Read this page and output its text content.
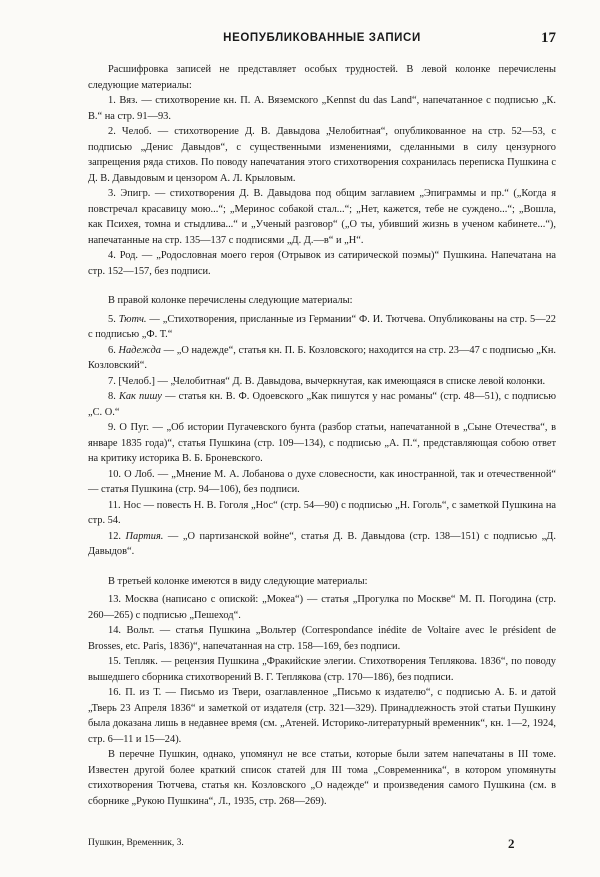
НЕОПУБЛИКОВАННЫЕ ЗАПИСИ	17

Расшифровка записей не представляет особых трудностей. В левой колонке перечислены следующие материалы:

1. Вяз. — стихотворение кн. П. А. Вяземского „Kennst du das Land“, напечатанное с подписью „К. В.“ на стр. 91—93.

2. Челоб. — стихотворение Д. В. Давыдова „Челобитная“, опубликованное на стр. 52—53, с подписью „Денис Давыдов“, с существенными изменениями, сделанными в силу цензурного запрещения ряда стихов. По поводу напечатания этого стихотворения сохранилась переписка Пушкина с Д. В. Давыдовым и цензором А. Л. Крыловым.

3. Эпигр. — стихотворения Д. В. Давыдова под общим заглавием „Эпиграммы и пр.“ („Когда я повстречал красавицу мою...“; „Меринос собакой стал...“; „Нет, кажется, тебе не суждено...“; „Вошла, как Психея, томна и стыдлива...“ и „Ученый разговор“ („О ты, убивший жизнь в ученом кабинете...“), напечатанные на стр. 135—137 с подписями „Д. Д.—в“ и „Н“.

4. Род. — „Родословная моего героя (Отрывок из сатирической поэмы)“ Пушкина. Напечатана на стр. 152—157, без подписи.

В правой колонке перечислены следующие материалы:

5. Тютч. — „Стихотворения, присланные из Германии“ Ф. И. Тютчева. Опубликованы на стр. 5—22 с подписью „Ф. Т.“

6. Надежда — „О надежде“, статья кн. П. Б. Козловского; находится на стр. 23—47 с подписью „Кн. Козловский“.

7. [Челоб.] — „Челобитная“ Д. В. Давыдова, вычеркнутая, как имеющаяся в списке левой колонки.

8. Как пишу — статья кн. В. Ф. Одоевского „Как пишутся у нас романы“ (стр. 48—51), с подписью „С. О.“

9. О Пуг. — „Об истории Пугачевского бунта (разбор статьи, напечатанной в „Сыне Отечества“, в январе 1835 года)“, статья Пушкина (стр. 109—134), с подписью „А. П.“, представляющая собою ответ на критику историка В. Б. Броневского.

10. О Лоб. — „Мнение М. А. Лобанова о духе словесности, как иностранной, так и отечественной“ — статья Пушкина (стр. 94—106), без подписи.

11. Нос — повесть Н. В. Гоголя „Нос“ (стр. 54—90) с подписью „Н. Гоголь“, с заметкой Пушкина на стр. 54.

12. Партия. — „О партизанской войне“, статья Д. В. Давыдова (стр. 138—151) с подписью „Д. Давыдов“.

В третьей колонке имеются в виду следующие материалы:

13. Москва (написано с опиской: „Мокеа“) — статья „Прогулка по Москве“ М. П. Погодина (стр. 260—265) с подписью „Пешеход“.

14. Вольт. — статья Пушкина „Вольтер (Correspondance inédite de Voltaire avec le président de Brosses, etc. Paris, 1836)“, напечатанная на стр. 158—169, без подписи.

15. Тепляк. — рецензия Пушкина „Фракийские элегии. Стихотворения Теплякова. 1836“, по поводу вышедшего сборника стихотворений В. Г. Теплякова (стр. 170—186), без подписи.

16. П. из Т. — Письмо из Твери, озаглавленное „Письмо к издателю“, с подписью А. Б. и датой „Тверь 23 Апреля 1836“ и заметкой от издателя (стр. 321—329). Принадлежность этой статьи Пушкину была доказана лишь в недавнее время (см. „Атеней. Историко-литературный временник“, кн. 1—2, 1924, стр. 6—11 и 15—24).

В перечне Пушкин, однако, упомянул не все статьи, которые были затем напечатаны в III томе. Известен другой более краткий список статей для III тома „Современника“, в котором упомянуты стихотворения Тютчева, статья кн. Козловского „О надежде“ и произведения самого Пушкина (см. в сборнике „Рукою Пушкина“, Л., 1935, стр. 268—269).

Пушкин, Временник, 3.	2
